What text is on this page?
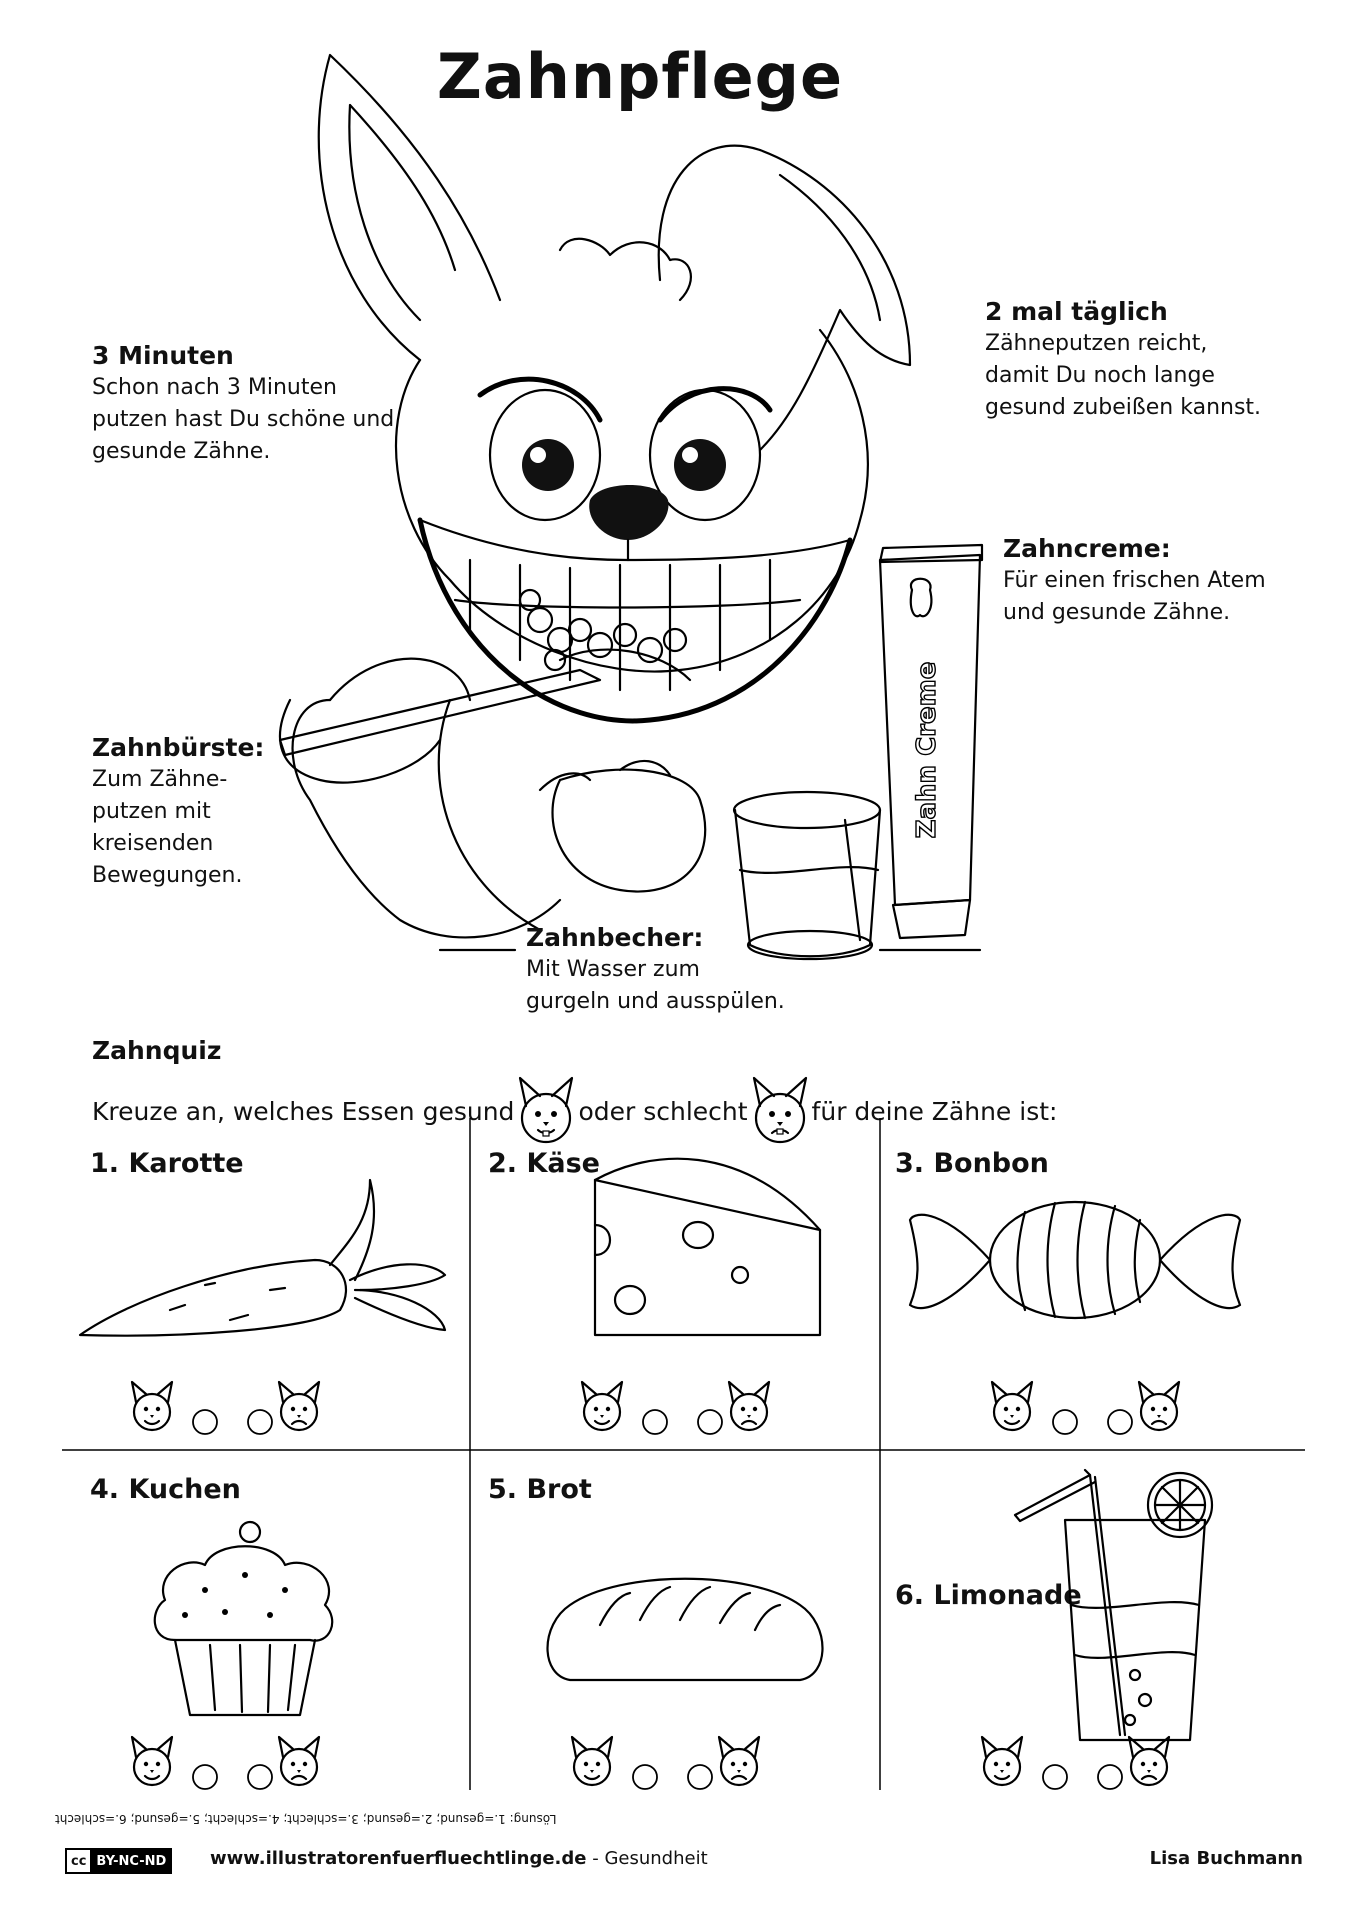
Zahnpflege
Zahn Creme
3 Minuten
Schon nach 3 Minuten
putzen hast Du schöne und
gesunde Zähne.
2 mal täglich
Zähneputzen reicht,
damit Du noch lange
gesund zubeißen kannst.
Zahncreme:
Für einen frischen Atem
und gesunde Zähne.
Zahnbürste:
Zum Zähne-
putzen mit
kreisenden
Bewegungen.
Zahnbecher:
Mit Wasser zum
gurgeln und ausspülen.
Zahnquiz
Kreuze an, welches Essen gesund	oder schlecht	für deine Zähne ist:
1. Karotte	2. Käse	3. Bonbon
4. Kuchen	5. Brot
6. Limonade
Lösung: 1.=gesund; 2.=gesund; 3.=schlecht; 4.=schlecht; 5.=gesund; 6.=schlecht
cc BY-NC-ND www.illustratorenfuerfluechtlinge.de - Gesundheit	Lisa Buchmann
